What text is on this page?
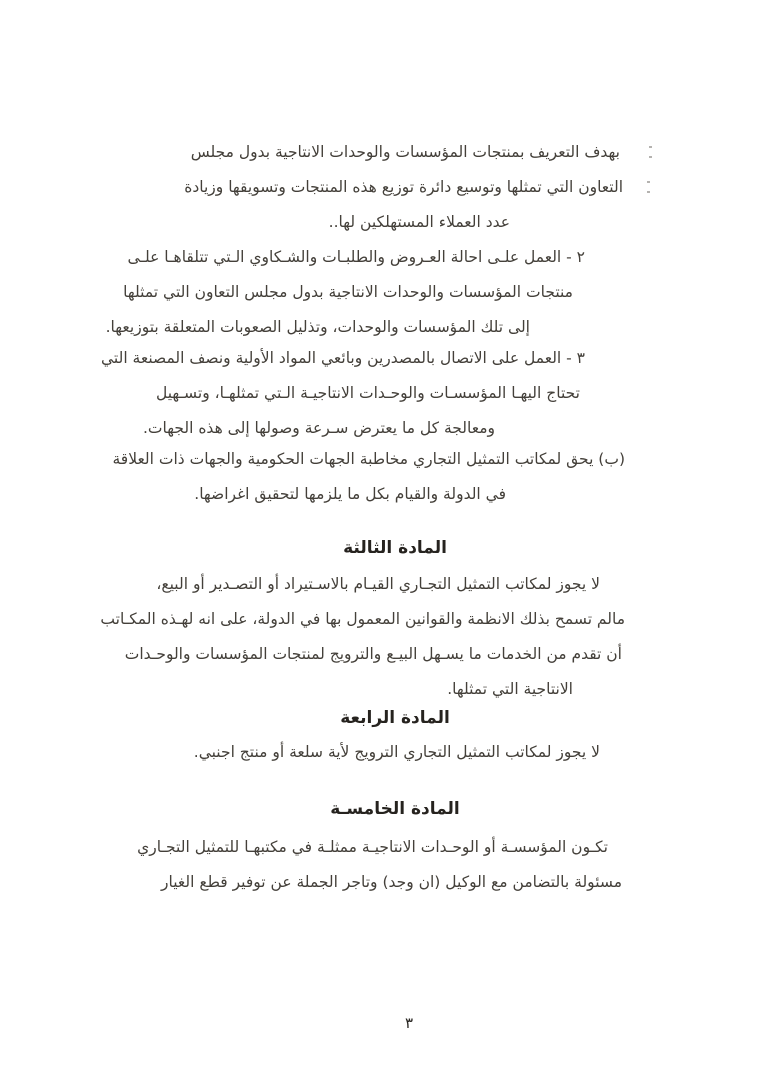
بهدف التعريف بمنتجات المؤسسات والوحدات الانتاجية بدول مجلس
التعاون التي تمثلها وتوسيع دائرة توزيع هذه المنتجات وتسويقها وزيادة
عدد العملاء المستهلكين لها..
٢ - العمل علـى احالة العـروض والطلبـات والشـكاوي الـتي تتلقاهـا علـى
منتجات المؤسسات والوحدات الانتاجية بدول مجلس التعاون التي تمثلها
إلى تلك المؤسسات والوحدات، وتذليل الصعوبات المتعلقة بتوزيعها.
٣ - العمل على الاتصال بالمصدرين وبائعي المواد الأولية ونصف المصنعة التي
تحتاج اليهـا المؤسسـات والوحـدات الانتاجيـة الـتي تمثلهـا، وتسـهيل
ومعالجة كل ما يعترض سـرعة وصولها إلى هذه الجهات.
(ب) يحق لمكاتب التمثيل التجاري مخاطبة الجهات الحكومية والجهات ذات العلاقة
في الدولة والقيام بكل ما يلزمها لتحقيق اغراضها.
المادة الثالثة
لا يجوز لمكاتب التمثيل التجـاري القيـام بالاسـتيراد أو التصـدير أو البيع،
مالم تسمح بذلك الانظمة والقوانين المعمول بها في الدولة، على انه لهـذه المكـاتب
أن تقدم من الخدمات ما يسـهل البيـع والترويج لمنتجات المؤسسات والوحـدات
الانتاجية التي تمثلها.
المادة الرابعة
لا يجوز لمكاتب التمثيل التجاري الترويج لأية سلعة أو منتج اجنبي.
المادة الخامسـة
تكـون المؤسسـة أو الوحـدات الانتاجيـة ممثلـة في مكتبهـا للتمثيل التجـاري
مسئولة بالتضامن مع الوكيل (ان وجد) وتاجر الجملة عن توفير قطع الغيار
٣
